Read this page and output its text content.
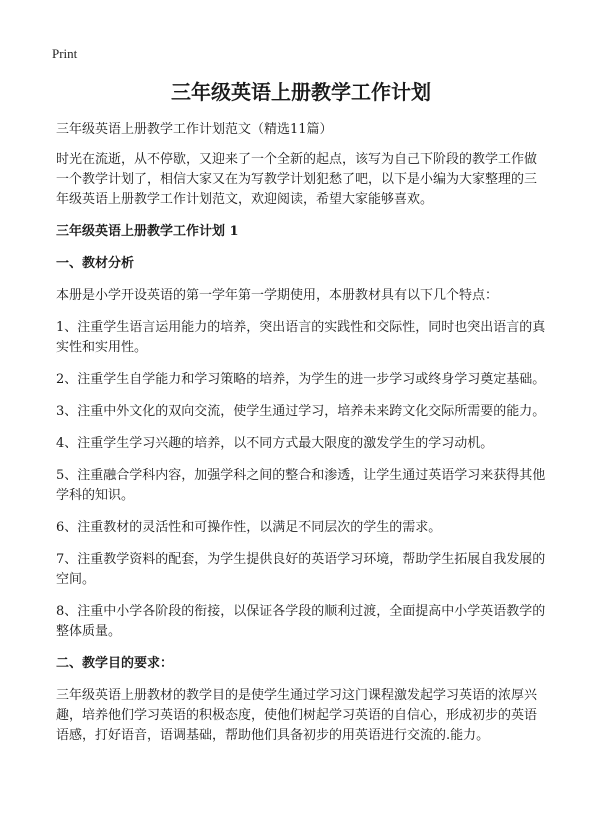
Print
三年级英语上册教学工作计划
三年级英语上册教学工作计划范文（精选11篇）
时光在流逝，从不停歇，又迎来了一个全新的起点，该写为自己下阶段的教学工作做一个教学计划了，相信大家又在为写教学计划犯愁了吧，以下是小编为大家整理的三年级英语上册教学工作计划范文，欢迎阅读，希望大家能够喜欢。
三年级英语上册教学工作计划 1
一、教材分析
本册是小学开设英语的第一学年第一学期使用，本册教材具有以下几个特点：
1、注重学生语言运用能力的培养，突出语言的实践性和交际性，同时也突出语言的真实性和实用性。
2、注重学生自学能力和学习策略的培养，为学生的进一步学习或终身学习奠定基础。
3、注重中外文化的双向交流，使学生通过学习，培养未来跨文化交际所需要的能力。
4、注重学生学习兴趣的培养，以不同方式最大限度的激发学生的学习动机。
5、注重融合学科内容，加强学科之间的整合和渗透，让学生通过英语学习来获得其他学科的知识。
6、注重教材的灵活性和可操作性，以满足不同层次的学生的需求。
7、注重教学资料的配套，为学生提供良好的英语学习环境，帮助学生拓展自我发展的空间。
8、注重中小学各阶段的衔接，以保证各学段的顺利过渡，全面提高中小学英语教学的整体质量。
二、教学目的要求：
三年级英语上册教材的教学目的是使学生通过学习这门课程激发起学习英语的浓厚兴趣，培养他们学习英语的积极态度，使他们树起学习英语的自信心，形成初步的英语语感，打好语音，语调基础，帮助他们具备初步的用英语进行交流的.能力。
